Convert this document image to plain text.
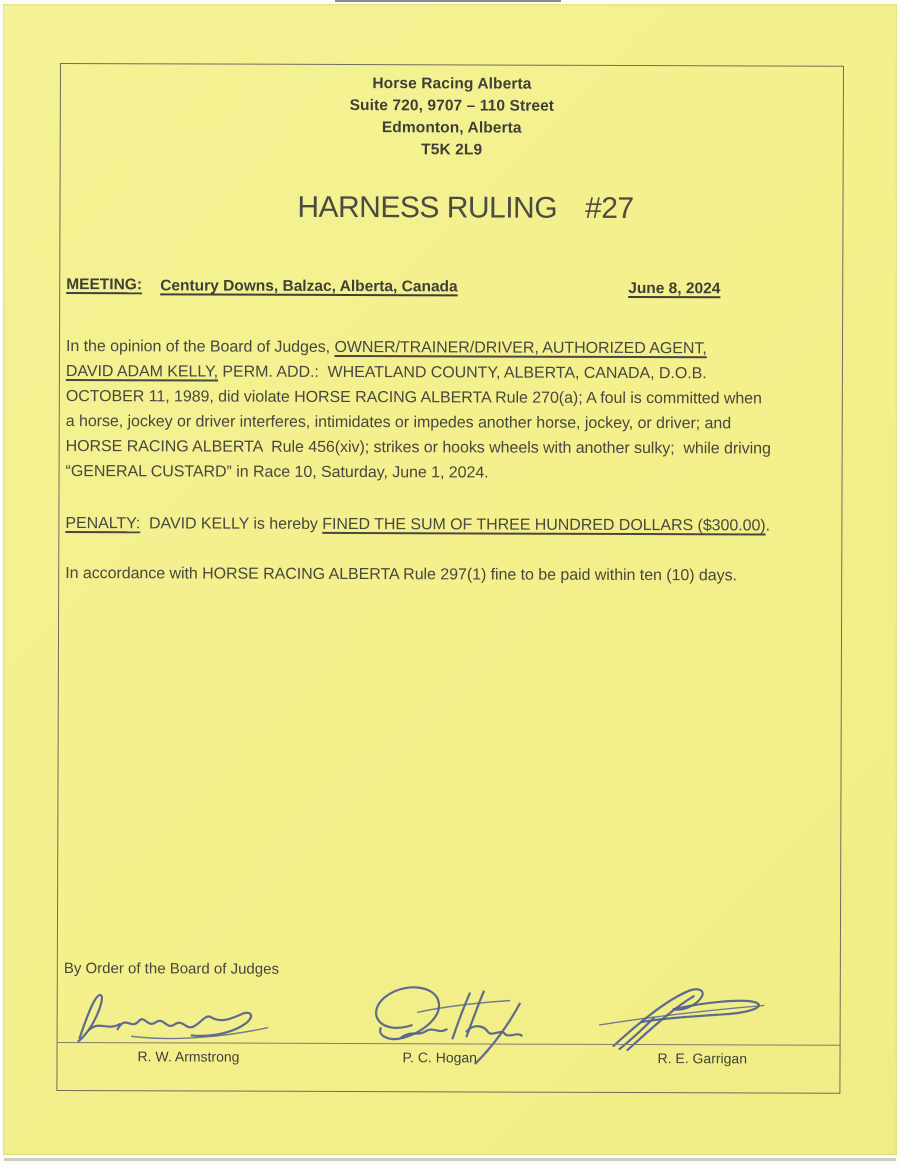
Horse Racing Alberta
Suite 720, 9707 – 110 Street
Edmonton, Alberta
T5K 2L9
HARNESS RULING #27
MEETING: Century Downs, Balzac, Alberta, Canada	June 8, 2024
In the opinion of the Board of Judges, OWNER/TRAINER/DRIVER, AUTHORIZED AGENT,
DAVID ADAM KELLY, PERM. ADD.:  WHEATLAND COUNTY, ALBERTA, CANADA, D.O.B.
OCTOBER 11, 1989, did violate HORSE RACING ALBERTA Rule 270(a); A foul is committed when
a horse, jockey or driver interferes, intimidates or impedes another horse, jockey, or driver; and
HORSE RACING ALBERTA  Rule 456(xiv); strikes or hooks wheels with another sulky;  while driving
“GENERAL CUSTARD” in Race 10, Saturday, June 1, 2024.
PENALTY:  DAVID KELLY is hereby FINED THE SUM OF THREE HUNDRED DOLLARS ($300.00).
In accordance with HORSE RACING ALBERTA Rule 297(1) fine to be paid within ten (10) days.
By Order of the Board of Judges
R. W. Armstrong	P. C. Hogan	R. E. Garrigan
